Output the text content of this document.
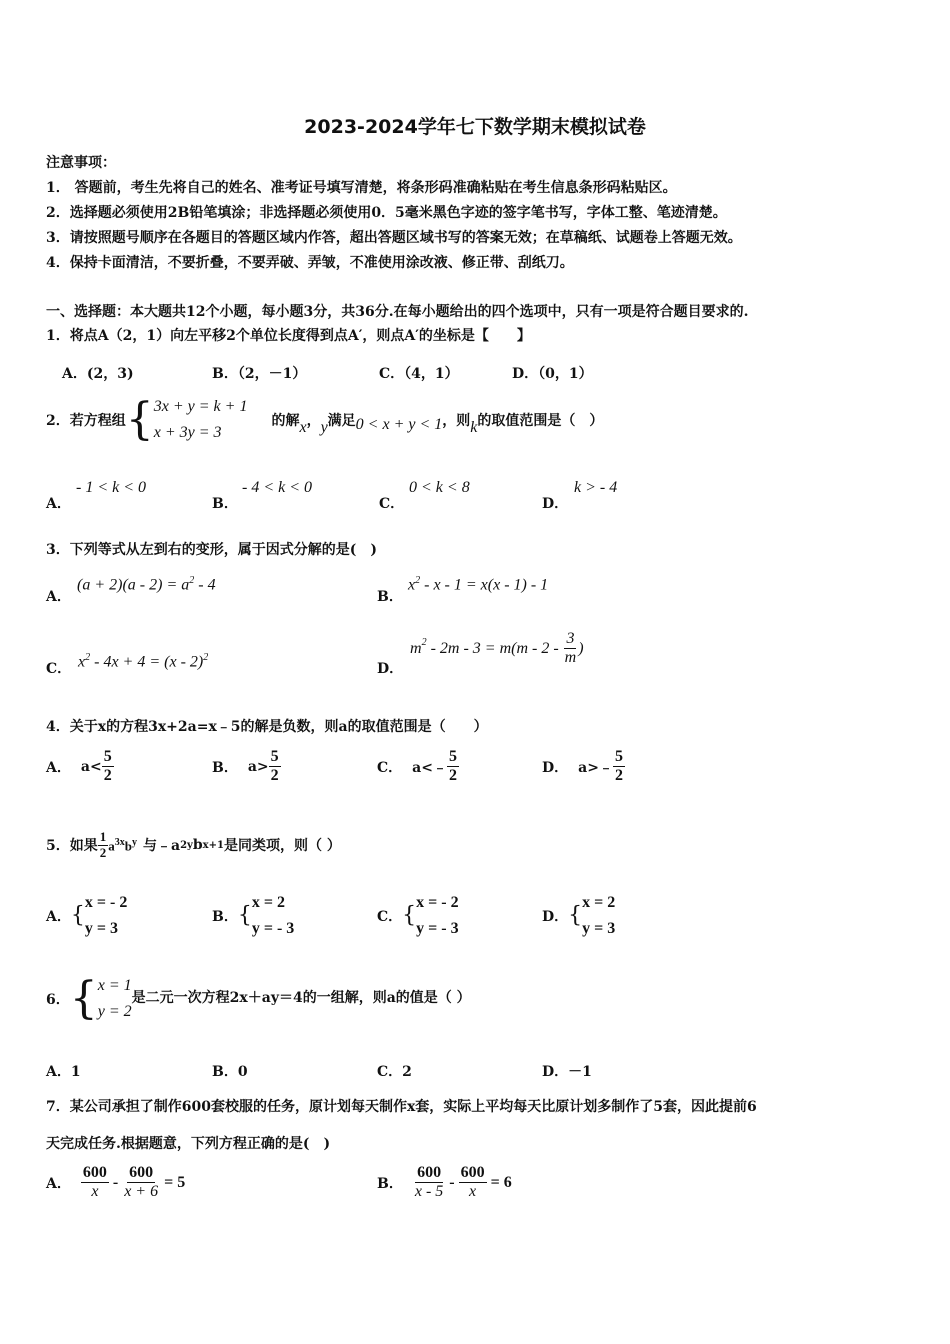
2023-2024学年七下数学期末模拟试卷
注意事项：
1． 答题前，考生先将自己的姓名、准考证号填写清楚，将条形码准确粘贴在考生信息条形码粘贴区。
2．选择题必须使用2B铅笔填涂；非选择题必须使用0．5毫米黑色字迹的签字笔书写，字体工整、笔迹清楚。
3．请按照题号顺序在各题目的答题区域内作答，超出答题区域书写的答案无效；在草稿纸、试题卷上答题无效。
4．保持卡面清洁，不要折叠，不要弄破、弄皱，不准使用涂改液、修正带、刮纸刀。
一、选择题：本大题共12个小题，每小题3分，共36分.在每小题给出的四个选项中，只有一项是符合题目要求的.
1．将点A（2，1）向左平移2个单位长度得到点A′，则点A′的坐标是【　　】
A．(2，3)	B．（2，－1）	C．（4，1）	D．（0，1）
2．若方程组 { 3x + y = k + 1
x + 3y = 3
的解 x ， y 满足 0 < x + y < 1 ，则 k 的取值范围是（　）
A．
- 1 < k < 0
B．
- 4 < k < 0
C．
0 < k < 8
D．
k > - 4
3．下列等式从左到右的变形，属于因式分解的是(　)
A．
$(a + 2)(a - 2) = a^2 - 4$
B．
$x^2 - x - 1 = x(x - 1) - 1$
C． $x^2 - 4x + 4 = (x - 2)^2$
D．
$m^2 - 2m - 3 = m(m - 2 - \frac{3}{m}$ )
4．关于x的方程3x+2a=x﹣5的解是负数，则a的取值范围是（　　）
A． $a< \frac{5}{2}$	B． $a> \frac{5}{2}$	C． a<﹣ $\frac{5}{2}$	D． a>﹣ $\frac{5}{2}$
5．如果 $\frac{1}{2} a^{3x}b^y$ 与﹣a 2y b x+1 是同类项，则（ ）
A． {
x = - 2
y = 3
B． {
x = 2
y = - 3
C． {
x = - 2
y = - 3
D． {
x = 2
y = 3
6． { x = 1
y = 2
是二元一次方程2x＋ay＝4的一组解，则a的值是（ ）
A．1	B．0	C．2	D．－1
7．某公司承担了制作600套校服的任务，原计划每天制作x套，实际上平均每天比原计划多制作了5套，因此提前6
天完成任务.根据题意，下列方程正确的是(　)
A． $\frac{600}{x} - \frac{600}{x + 6} = 5$	B． $\frac{600}{x - 5} - \frac{600}{x} = 6$
